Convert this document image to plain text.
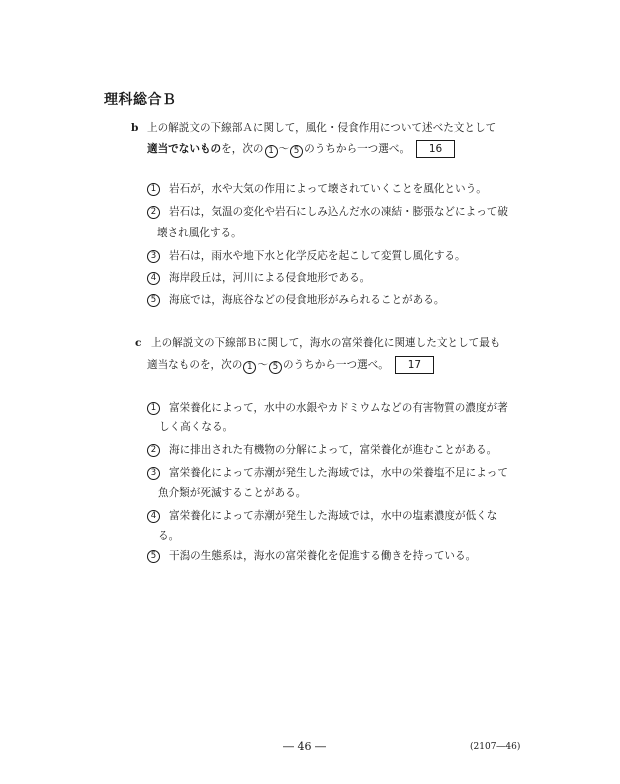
理科総合Ｂ
b 上の解説文の下線部Ａに関して，風化・侵食作用について述べた文として
適当でないものを，次の 1 ～ 5 のうちから一つ選べ。 16
1	岩石が，水や大気の作用によって壊されていくことを風化という。
2	岩石は，気温の変化や岩石にしみ込んだ水の凍結・膨張などによって破
壊され風化する。
3	岩石は，雨水や地下水と化学反応を起こして変質し風化する。
4	海岸段丘は，河川による侵食地形である。
5	海底では，海底谷などの侵食地形がみられることがある。
c 上の解説文の下線部Ｂに関して，海水の富栄養化に関連した文として最も
適当なものを，次の 1 ～ 5 のうちから一つ選べ。 17
1	富栄養化によって，水中の水銀やカドミウムなどの有害物質の濃度が著
しく高くなる。
2	海に排出された有機物の分解によって，富栄養化が進むことがある。
3	富栄養化によって赤潮が発生した海域では，水中の栄養塩不足によって
魚介類が死滅することがある。
4	富栄養化によって赤潮が発生した海域では，水中の塩素濃度が低くな
る。
5	干潟の生態系は，海水の富栄養化を促進する働きを持っている。
― 46 ―	(2107―46)
